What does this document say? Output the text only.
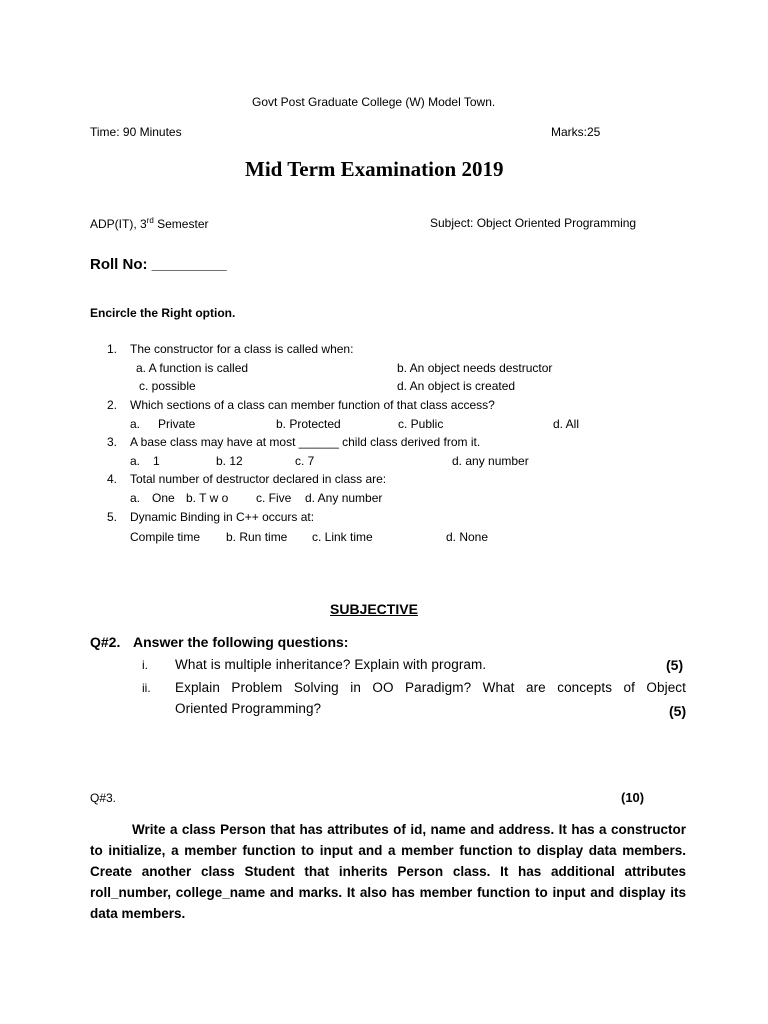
Govt Post Graduate College (W) Model Town.
Time: 90 Minutes	Marks:25
Mid Term Examination 2019
ADP(IT), 3rd Semester	Subject: Object Oriented Programming
Roll No: _________
Encircle the Right option.
1. The constructor for a class is called when:
a. A function is called	b. An object needs destructor
c. possible	d. An object is created
2. Which sections of a class can member function of that class access?
a. Private	b. Protected	c. Public	d. All
3. A base class may have at most ______ child class derived from it.
a. 1	b. 12	c. 7	d. any number
4. Total number of destructor declared in class are:
a. One b. T w o c. Five d. Any number
5. Dynamic Binding in C++ occurs at:
Compile time b. Run time c. Link time	d. None
SUBJECTIVE
Q#2. Answer the following questions:
i. What is multiple inheritance? Explain with program.	(5)
ii. Explain Problem Solving in OO Paradigm? What are concepts of Object
Oriented Programming?	(5)
Q#3.	(10)
Write a class Person that has attributes of id, name and address. It has a constructor to initialize, a member function to input and a member function to display data members. Create another class Student that inherits Person class. It has additional attributes roll_number, college_name and marks. It also has member function to input and display its data members.
